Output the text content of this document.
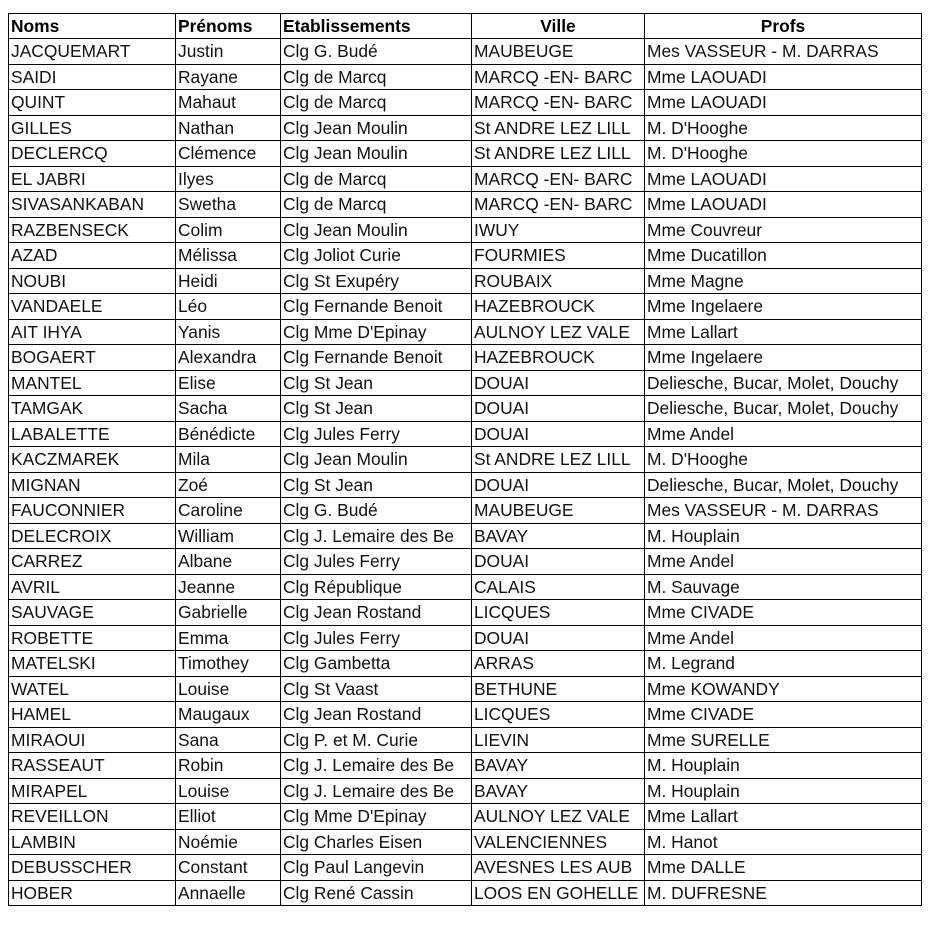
Noms	Prénoms	Etablissements	Ville	Profs
JACQUEMART	Justin	Clg G. Budé	MAUBEUGE	Mes VASSEUR - M. DARRAS
SAIDI	Rayane	Clg de Marcq	MARCQ -EN- BARC	Mme LAOUADI
QUINT	Mahaut	Clg de Marcq	MARCQ -EN- BARC	Mme LAOUADI
GILLES	Nathan	Clg Jean Moulin	St ANDRE LEZ LILL	M. D'Hooghe
DECLERCQ	Clémence	Clg Jean Moulin	St ANDRE LEZ LILL	M. D'Hooghe
EL JABRI	Ilyes	Clg de Marcq	MARCQ -EN- BARC	Mme LAOUADI
SIVASANKABAN	Swetha	Clg de Marcq	MARCQ -EN- BARC	Mme LAOUADI
RAZBENSECK	Colim	Clg Jean Moulin	IWUY	Mme Couvreur
AZAD	Mélissa	Clg Joliot Curie	FOURMIES	Mme Ducatillon
NOUBI	Heidi	Clg St Exupéry	ROUBAIX	Mme Magne
VANDAELE	Léo	Clg Fernande Benoit	HAZEBROUCK	Mme Ingelaere
AIT IHYA	Yanis	Clg Mme D'Epinay	AULNOY LEZ VALE	Mme Lallart
BOGAERT	Alexandra	Clg Fernande Benoit	HAZEBROUCK	Mme Ingelaere
MANTEL	Elise	Clg St Jean	DOUAI	Deliesche, Bucar, Molet, Douchy
TAMGAK	Sacha	Clg St Jean	DOUAI	Deliesche, Bucar, Molet, Douchy
LABALETTE	Bénédicte	Clg Jules Ferry	DOUAI	Mme Andel
KACZMAREK	Mila	Clg Jean Moulin	St ANDRE LEZ LILL	M. D'Hooghe
MIGNAN	Zoé	Clg St Jean	DOUAI	Deliesche, Bucar, Molet, Douchy
FAUCONNIER	Caroline	Clg G. Budé	MAUBEUGE	Mes VASSEUR - M. DARRAS
DELECROIX	William	Clg J. Lemaire des Be	BAVAY	M. Houplain
CARREZ	Albane	Clg Jules Ferry	DOUAI	Mme Andel
AVRIL	Jeanne	Clg République	CALAIS	M. Sauvage
SAUVAGE	Gabrielle	Clg Jean Rostand	LICQUES	Mme CIVADE
ROBETTE	Emma	Clg Jules Ferry	DOUAI	Mme Andel
MATELSKI	Timothey	Clg Gambetta	ARRAS	M. Legrand
WATEL	Louise	Clg St Vaast	BETHUNE	Mme KOWANDY
HAMEL	Maugaux	Clg Jean Rostand	LICQUES	Mme CIVADE
MIRAOUI	Sana	Clg P. et M. Curie	LIEVIN	Mme SURELLE
RASSEAUT	Robin	Clg J. Lemaire des Be	BAVAY	M. Houplain
MIRAPEL	Louise	Clg J. Lemaire des Be	BAVAY	M. Houplain
REVEILLON	Elliot	Clg Mme D'Epinay	AULNOY LEZ VALE	Mme Lallart
LAMBIN	Noémie	Clg Charles Eisen	VALENCIENNES	M. Hanot
DEBUSSCHER	Constant	Clg Paul Langevin	AVESNES LES AUB	Mme DALLE
HOBER	Annaelle	Clg René Cassin	LOOS EN GOHELLE	M. DUFRESNE
